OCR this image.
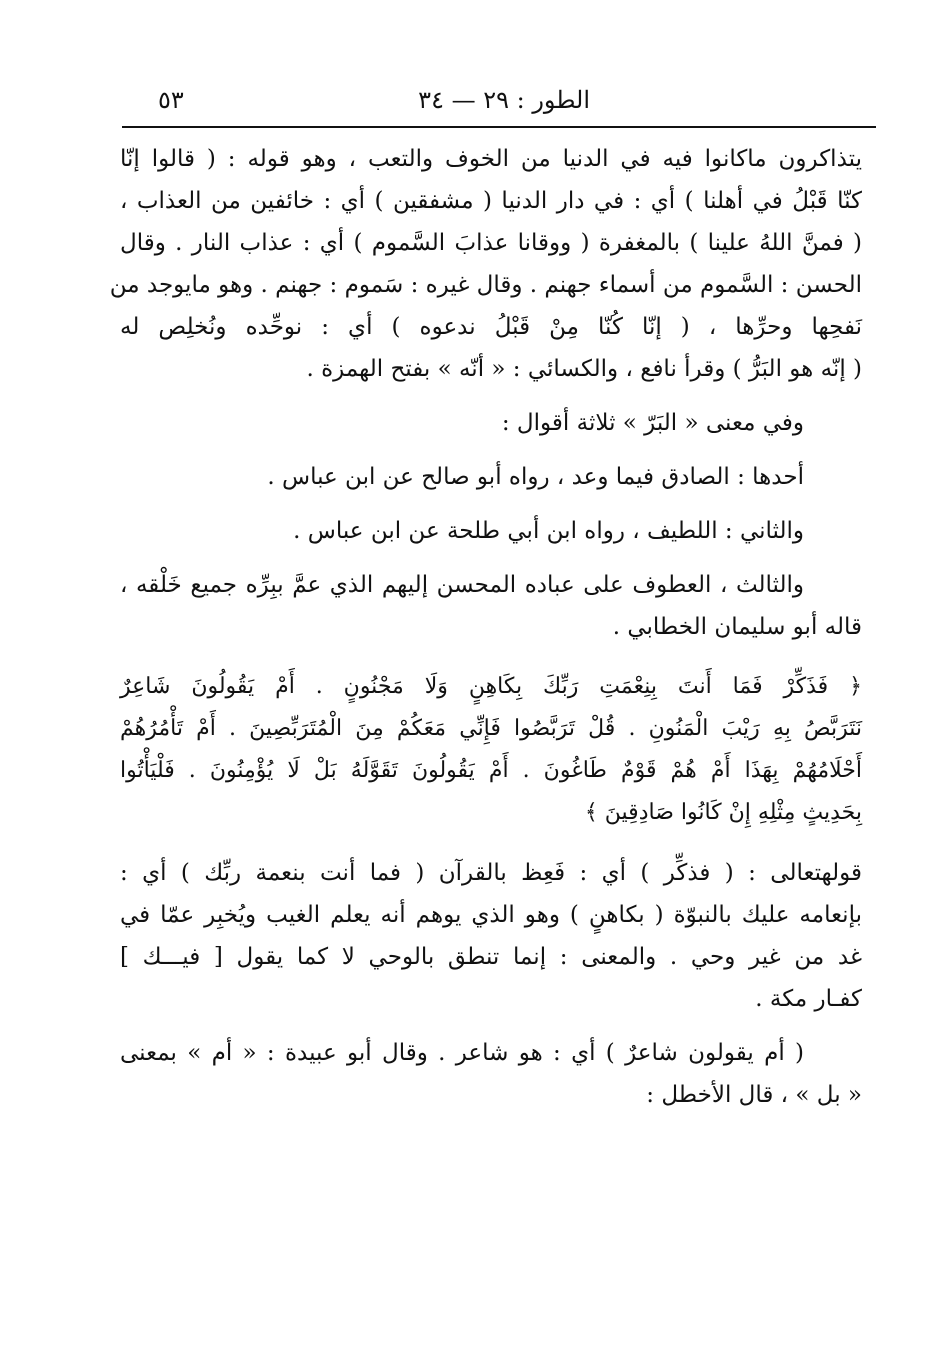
الطور : ٢٩ — ٣٤
٥٣
يتذاكرون ماكانوا فيه في الدنيا من الخوف والتعب ، وهو قوله : ( قالوا إنّا
كنّا قَبْلُ في أهلنا ) أي : في دار الدنيا ( مشفقين ) أي : خائفين من العذاب ،
( فمنَّ اللهُ علينا ) بالمغفرة ( ووقانا عذابَ السَّموم ) أي : عذاب النار . وقال
الحسن : السَّموم من أسماء جهنم . وقال غيره : سَموم : جهنم . وهو مايوجد من
نَفحِها وحرِّها ، ( إنّا كُنّا مِنْ قَبْلُ ندعوه ) أي : نوحِّده ونُخلِص له
( إنّه هو البَرُّ ) وقرأ نافع ، والكسائي : « أنّه » بفتح الهمزة .
وفي معنى « البَرّ » ثلاثة أقوال :
أحدها : الصادق فيما وعد ، رواه أبو صالح عن ابن عباس .
والثاني : اللطيف ، رواه ابن أبي طلحة عن ابن عباس .
والثالث ، العطوف على عباده المحسن إليهم الذي عمَّ ببِرِّه جميع خَلْقه ،
قاله أبو سليمان الخطابي .
﴿ فَذَكِّرْ فَمَا أَنتَ بِنِعْمَتِ رَبِّكَ بِكَاهِنٍ وَلَا مَجْنُونٍ . أَمْ يَقُولُونَ شَاعِرٌ
نَتَرَبَّصُ بِهِ رَيْبَ الْمَنُونِ . قُلْ تَرَبَّصُوا فَإِنِّي مَعَكُمْ مِنَ الْمُتَرَبِّصِينَ . أَمْ تَأْمُرُهُمْ
أَحْلَامُهُمْ بِهَذَا أَمْ هُمْ قَوْمٌ طَاغُونَ . أَمْ يَقُولُونَ تَقَوَّلَهُ بَلْ لَا يُؤْمِنُونَ . فَلْيَأْتُوا
بِحَدِيثٍ مِثْلِهِ إِنْ كَانُوا صَادِقِينَ ﴾
قولهتعالى : ( فذكِّر ) أي : فَعِظ بالقرآن ( فما أنت بنعمة ربِّك ) أي :
بإنعامه عليك بالنبوّة ( بكاهنٍ ) وهو الذي يوهم أنه يعلم الغيب ويُخبِر عمّا في
غد من غير وحي . والمعنى : إنما تنطق بالوحي لا كما يقول [ فيـــك ]
كفـار مكة .
( أم يقولون شاعرٌ ) أي : هو شاعر . وقال أبو عبيدة : « أم » بمعنى
« بل » ، قال الأخطل :
